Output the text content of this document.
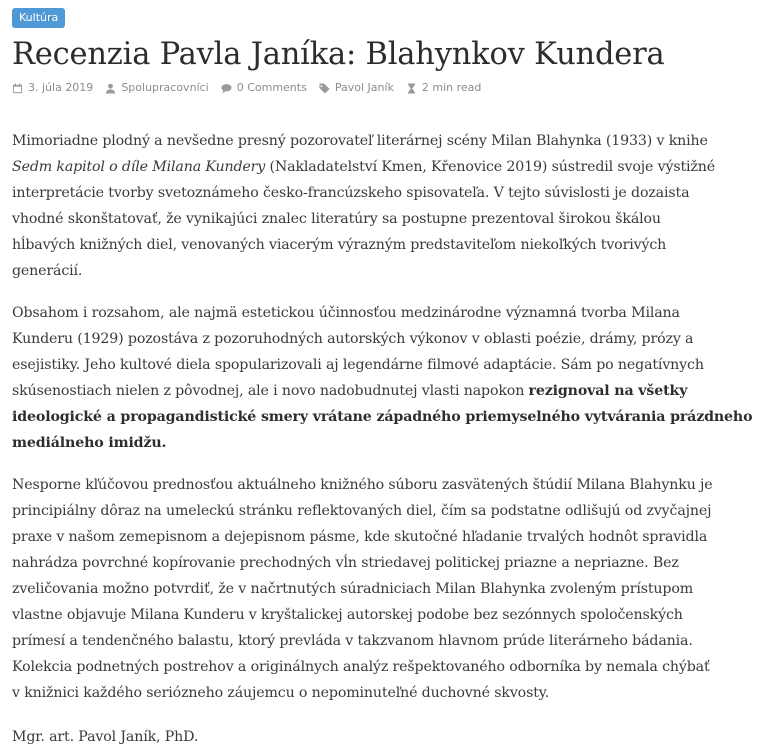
Kultúra
Recenzia Pavla Janíka: Blahynkov Kundera
3. júla 2019	Spolupracovníci	0 Comments	Pavol Janík	2 min read

Mimoriadne plodný a nevšedne presný pozorovateľ literárnej scény Milan Blahynka (1933) v knihe
Sedm kapitol o díle Milana Kundery (Nakladatelství Kmen, Křenovice 2019) sústredil svoje výstižné
interpretácie tvorby svetoznámeho česko-francúzskeho spisovateľa. V tejto súvislosti je dozaista
vhodné skonštatovať, že vynikajúci znalec literatúry sa postupne prezentoval širokou škálou
hĺbavých knižných diel, venovaných viacerým výrazným predstaviteľom niekoľkých tvorivých
generácií.

Obsahom i rozsahom, ale najmä estetickou účinnosťou medzinárodne významná tvorba Milana
Kunderu (1929) pozostáva z pozoruhodných autorských výkonov v oblasti poézie, drámy, prózy a
esejistiky. Jeho kultové diela spopularizovali aj legendárne filmové adaptácie. Sám po negatívnych
skúsenostiach nielen z pôvodnej, ale i novo nadobudnutej vlasti napokon rezignoval na všetky
ideologické a propagandistické smery vrátane západného priemyselného vytvárania prázdneho
mediálneho imidžu.

Nesporne kľúčovou prednosťou aktuálneho knižného súboru zasvätených štúdií Milana Blahynku je
principiálny dôraz na umeleckú stránku reflektovaných diel, čím sa podstatne odlišujú od zvyčajnej
praxe v našom zemepisnom a dejepisnom pásme, kde skutočné hľadanie trvalých hodnôt spravidla
nahrádza povrchné kopírovanie prechodných vĺn striedavej politickej priazne a nepriazne. Bez
zveličovania možno potvrdiť, že v načrtnutých súradniciach Milan Blahynka zvoleným prístupom
vlastne objavuje Milana Kunderu v kryštalickej autorskej podobe bez sezónnych spoločenských
prímesí a tendenčného balastu, ktorý prevláda v takzvanom hlavnom prúde literárneho bádania.
Kolekcia podnetných postrehov a originálnych analýz rešpektovaného odborníka by nemala chýbať
v knižnici každého seriózneho záujemcu o nepominuteľné duchovné skvosty.

Mgr. art. Pavol Janík, PhD.
